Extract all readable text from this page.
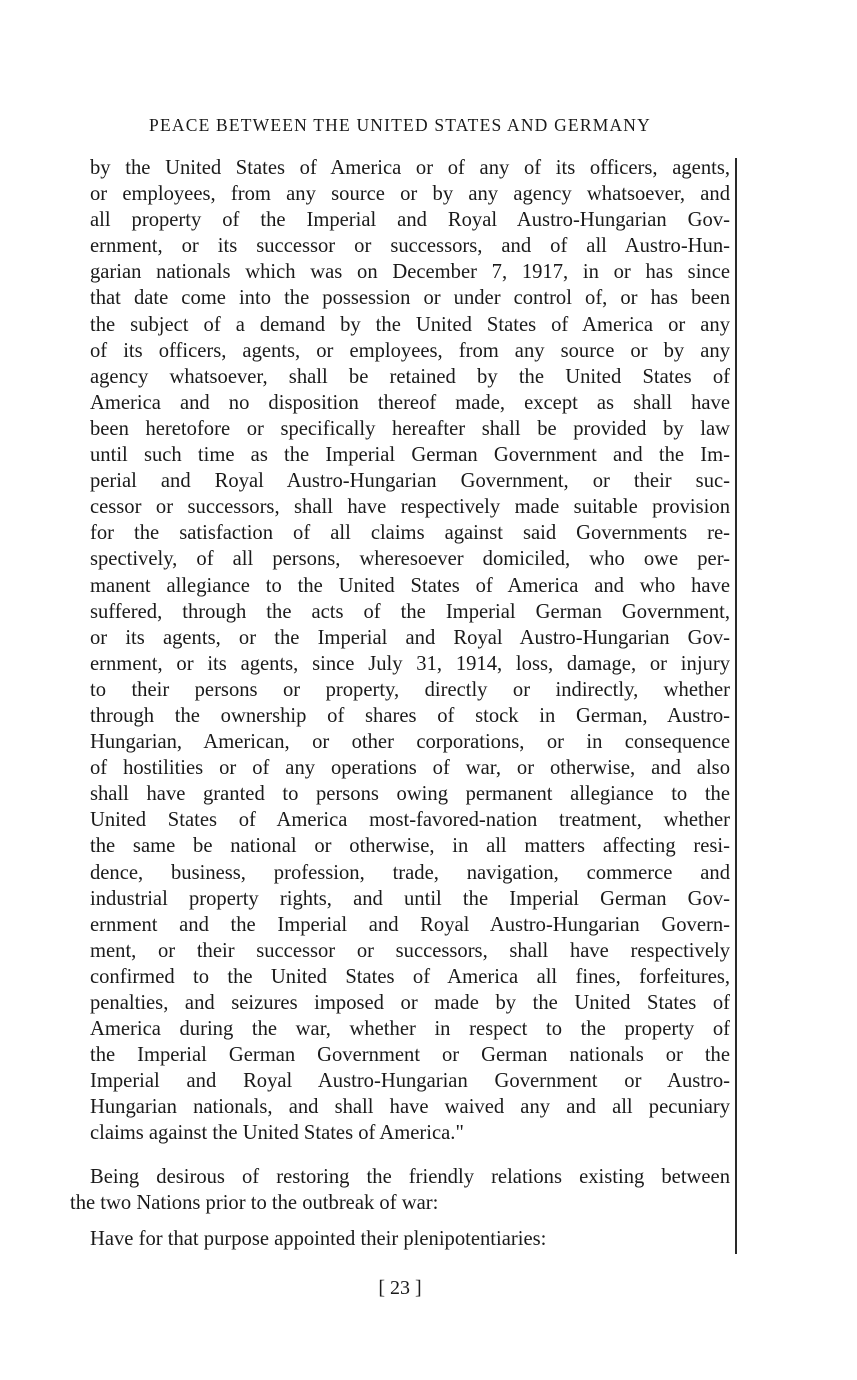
PEACE BETWEEN THE UNITED STATES AND GERMANY
by the United States of America or of any of its officers, agents,
or employees, from any source or by any agency whatsoever, and
all property of the Imperial and Royal Austro-Hungarian Gov-
ernment, or its successor or successors, and of all Austro-Hun-
garian nationals which was on December 7, 1917, in or has since
that date come into the possession or under control of, or has been
the subject of a demand by the United States of America or any
of its officers, agents, or employees, from any source or by any
agency whatsoever, shall be retained by the United States of
America and no disposition thereof made, except as shall have
been heretofore or specifically hereafter shall be provided by law
until such time as the Imperial German Government and the Im-
perial and Royal Austro-Hungarian Government, or their suc-
cessor or successors, shall have respectively made suitable provision
for the satisfaction of all claims against said Governments re-
spectively, of all persons, wheresoever domiciled, who owe per-
manent allegiance to the United States of America and who have
suffered, through the acts of the Imperial German Government,
or its agents, or the Imperial and Royal Austro-Hungarian Gov-
ernment, or its agents, since July 31, 1914, loss, damage, or injury
to their persons or property, directly or indirectly, whether
through the ownership of shares of stock in German, Austro-
Hungarian, American, or other corporations, or in consequence
of hostilities or of any operations of war, or otherwise, and also
shall have granted to persons owing permanent allegiance to the
United States of America most-favored-nation treatment, whether
the same be national or otherwise, in all matters affecting resi-
dence, business, profession, trade, navigation, commerce and
industrial property rights, and until the Imperial German Gov-
ernment and the Imperial and Royal Austro-Hungarian Govern-
ment, or their successor or successors, shall have respectively
confirmed to the United States of America all fines, forfeitures,
penalties, and seizures imposed or made by the United States of
America during the war, whether in respect to the property of
the Imperial German Government or German nationals or the
Imperial and Royal Austro-Hungarian Government or Austro-
Hungarian nationals, and shall have waived any and all pecuniary
claims against the United States of America."
Being desirous of restoring the friendly relations existing between
the two Nations prior to the outbreak of war:
Have for that purpose appointed their plenipotentiaries:
[ 23 ]
